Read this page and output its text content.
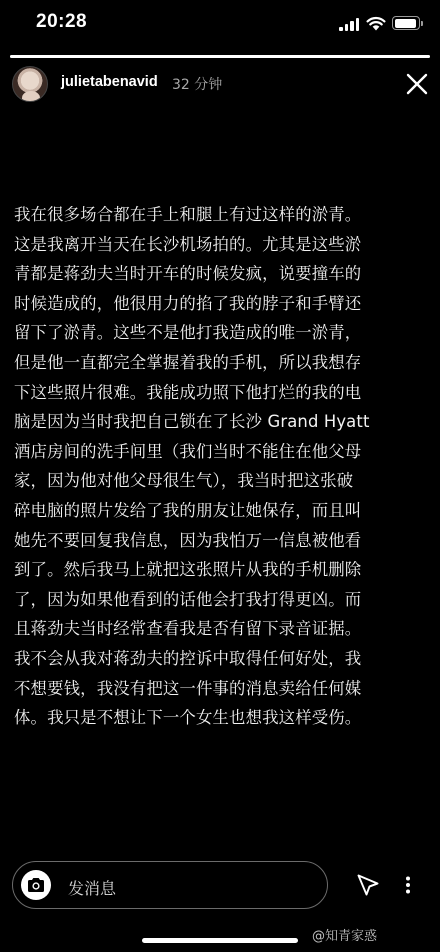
20:28
julietabenavid 32 分钟
我在很多场合都在手上和腿上有过这样的淤青。
这是我离开当天在长沙机场拍的。尤其是这些淤
青都是蒋劲夫当时开车的时候发疯，说要撞车的
时候造成的，他很用力的掐了我的脖子和手臂还
留下了淤青。这些不是他打我造成的唯一淤青，
但是他一直都完全掌握着我的手机，所以我想存
下这些照片很难。我能成功照下他打烂的我的电
脑是因为当时我把自己锁在了长沙 Grand Hyatt
酒店房间的洗手间里（我们当时不能住在他父母
家，因为他对他父母很生气），我当时把这张破
碎电脑的照片发给了我的朋友让她保存，而且叫
她先不要回复我信息，因为我怕万一信息被他看
到了。然后我马上就把这张照片从我的手机删除
了，因为如果他看到的话他会打我打得更凶。而
且蒋劲夫当时经常查看我是否有留下录音证据。
我不会从我对蒋劲夫的控诉中取得任何好处，我
不想要钱，我没有把这一件事的消息卖给任何媒
体。我只是不想让下一个女生也想我这样受伤。
发消息
@知青家惑
